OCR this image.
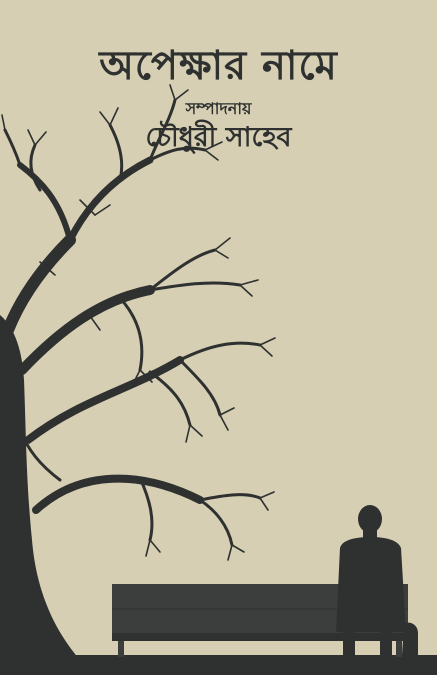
অপেক্ষার নামে

সম্পাদনায়

চৌধুরী সাহেব
